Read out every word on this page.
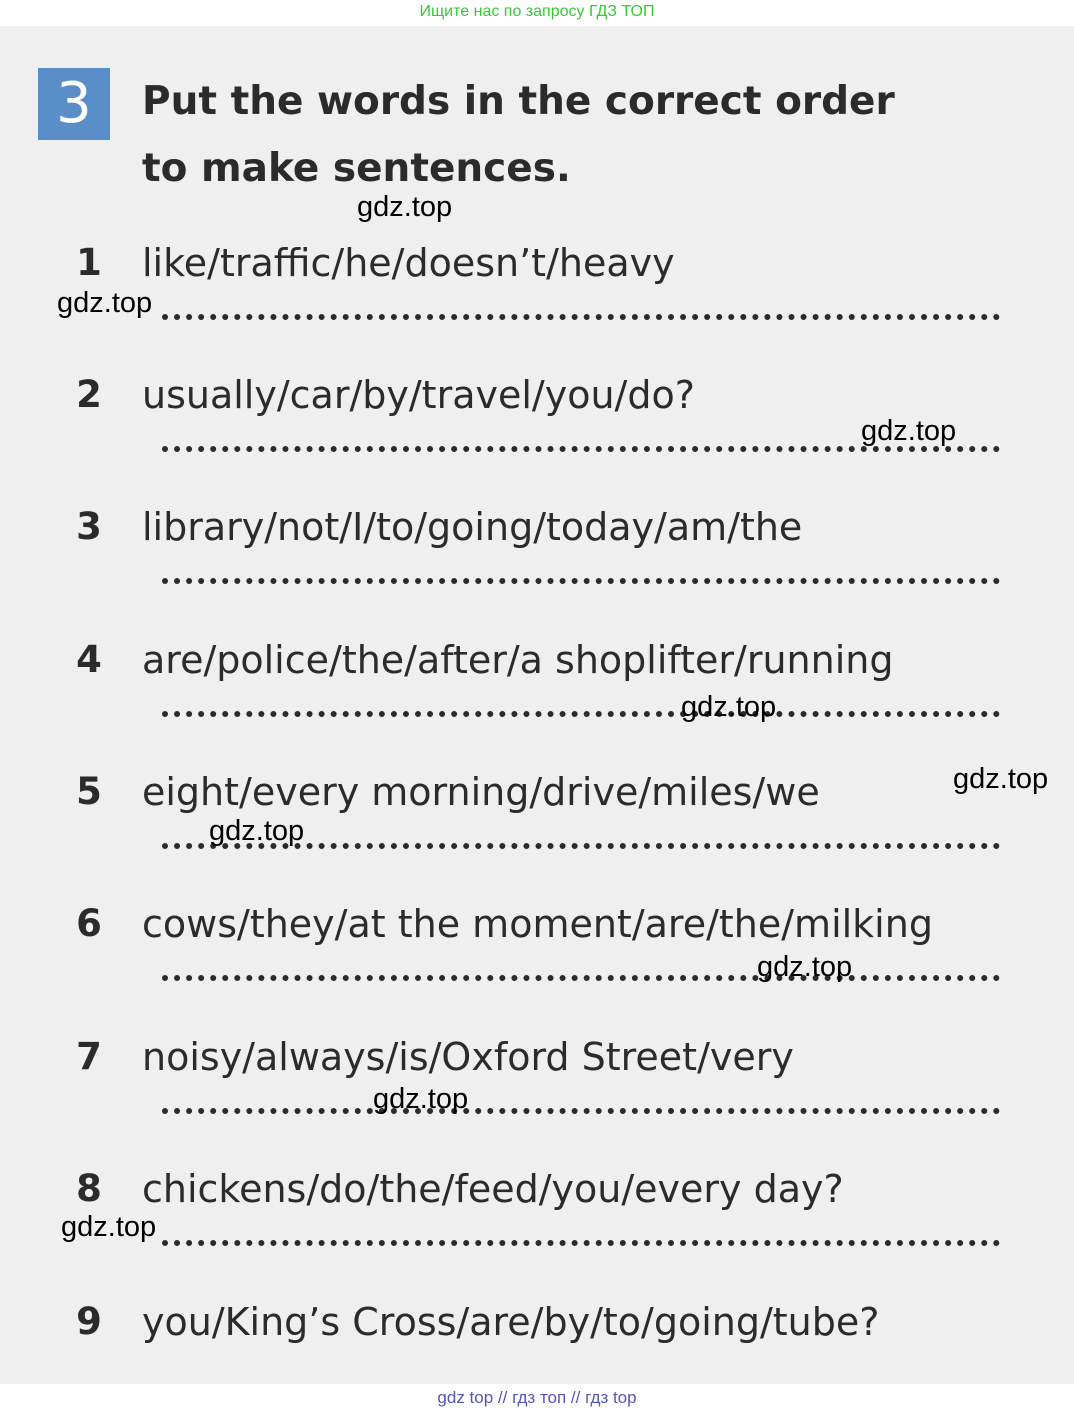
Ищите нас по запросу ГДЗ ТОП
3	Put the words in the correct order to make sentences.
1 like/traffic/he/doesn’t/heavy
2 usually/car/by/travel/you/do?
3 library/not/I/to/going/today/am/the
4 are/police/the/after/a shoplifter/running
5 eight/every morning/drive/miles/we
6 cows/they/at the moment/are/the/milking
7 noisy/always/is/Oxford Street/very
8 chickens/do/the/feed/you/every day?
9 you/King’s Cross/are/by/to/going/tube?
gdz.top
gdz.top
gdz.top
gdz.top
gdz.top
gdz.top
gdz.top
gdz.top
gdz.top
gdz top // гдз топ // гдз top
